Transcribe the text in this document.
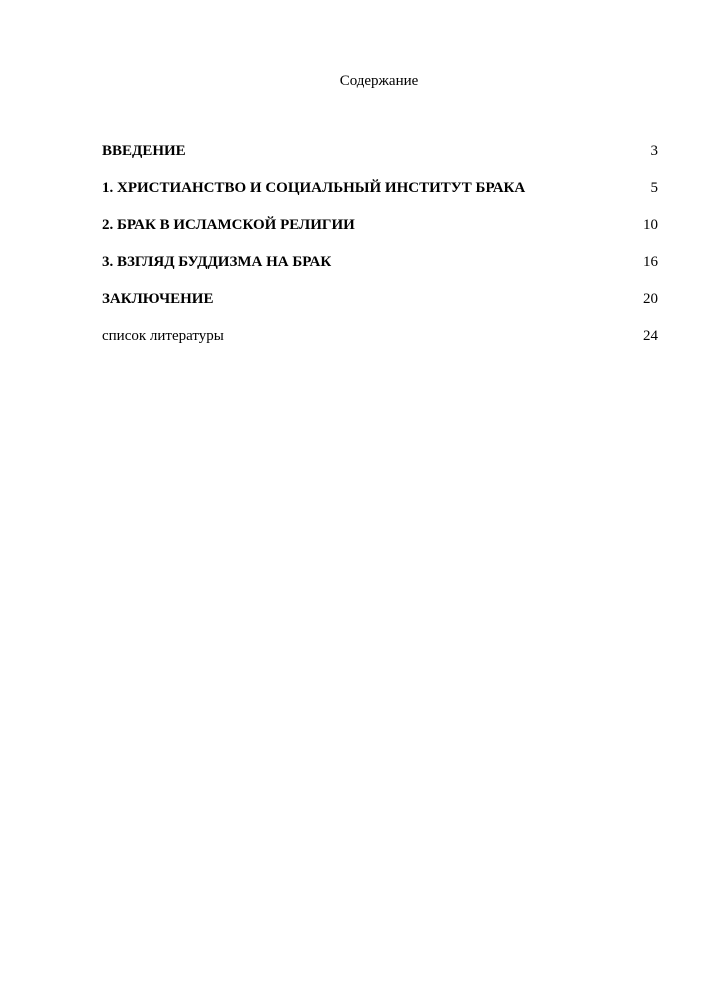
Содержание
ВВЕДЕНИЕ	3
1. ХРИСТИАНСТВО И СОЦИАЛЬНЫЙ ИНСТИТУТ БРАКА	5
2. БРАК В ИСЛАМСКОЙ РЕЛИГИИ	10
3. ВЗГЛЯД БУДДИЗМА НА БРАК	16
ЗАКЛЮЧЕНИЕ	20
список литературы	24
